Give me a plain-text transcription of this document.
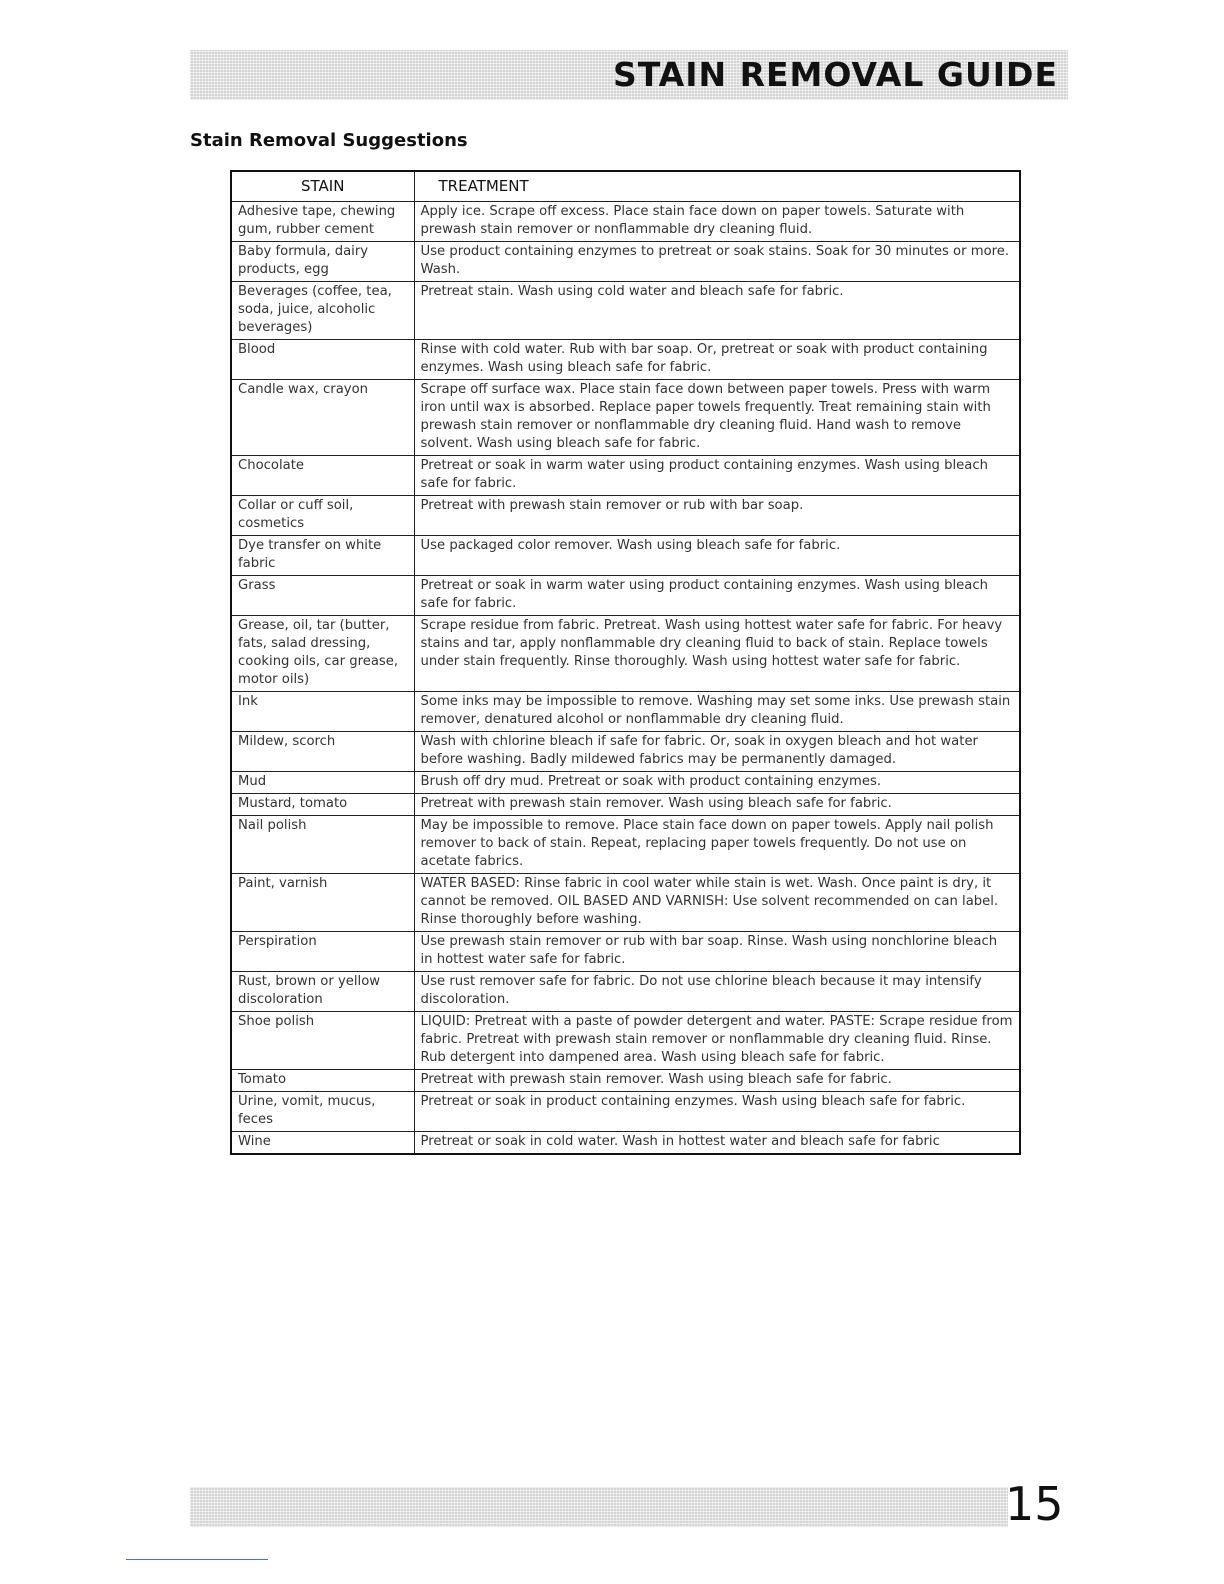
STAIN REMOVAL GUIDE
Stain Removal Suggestions
STAIN	TREATMENT
Adhesive tape, chewing gum, rubber cement	Apply ice. Scrape off excess. Place stain face down on paper towels. Saturate with prewash stain remover or nonflammable dry cleaning fluid.
Baby formula, dairy products, egg	Use product containing enzymes to pretreat or soak stains. Soak for 30 minutes or more. Wash.
Beverages (coffee, tea, soda, juice, alcoholic beverages)	Pretreat stain. Wash using cold water and bleach safe for fabric.
Blood	Rinse with cold water. Rub with bar soap. Or, pretreat or soak with product containing enzymes. Wash using bleach safe for fabric.
Candle wax, crayon	Scrape off surface wax. Place stain face down between paper towels. Press with warm iron until wax is absorbed. Replace paper towels frequently. Treat remaining stain with prewash stain remover or nonflammable dry cleaning fluid. Hand wash to remove solvent. Wash using bleach safe for fabric.
Chocolate	Pretreat or soak in warm water using product containing enzymes. Wash using bleach safe for fabric.
Collar or cuff soil, cosmetics	Pretreat with prewash stain remover or rub with bar soap.
Dye transfer on white fabric	Use packaged color remover. Wash using bleach safe for fabric.
Grass	Pretreat or soak in warm water using product containing enzymes. Wash using bleach safe for fabric.
Grease, oil, tar (butter, fats, salad dressing, cooking oils, car grease, motor oils)	Scrape residue from fabric. Pretreat. Wash using hottest water safe for fabric. For heavy stains and tar, apply nonflammable dry cleaning fluid to back of stain. Replace towels under stain frequently. Rinse thoroughly. Wash using hottest water safe for fabric.
Ink	Some inks may be impossible to remove. Washing may set some inks. Use prewash stain remover, denatured alcohol or nonflammable dry cleaning fluid.
Mildew, scorch	Wash with chlorine bleach if safe for fabric. Or, soak in oxygen bleach and hot water before washing. Badly mildewed fabrics may be permanently damaged.
Mud	Brush off dry mud. Pretreat or soak with product containing enzymes.
Mustard, tomato	Pretreat with prewash stain remover. Wash using bleach safe for fabric.
Nail polish	May be impossible to remove. Place stain face down on paper towels. Apply nail polish remover to back of stain. Repeat, replacing paper towels frequently. Do not use on acetate fabrics.
Paint, varnish	WATER BASED: Rinse fabric in cool water while stain is wet. Wash. Once paint is dry, it cannot be removed. OIL BASED AND VARNISH: Use solvent recommended on can label. Rinse thoroughly before washing.
Perspiration	Use prewash stain remover or rub with bar soap. Rinse. Wash using nonchlorine bleach in hottest water safe for fabric.
Rust, brown or yellow discoloration	Use rust remover safe for fabric. Do not use chlorine bleach because it may intensify discoloration.
Shoe polish	LIQUID: Pretreat with a paste of powder detergent and water. PASTE: Scrape residue from fabric. Pretreat with prewash stain remover or nonflammable dry cleaning fluid. Rinse. Rub detergent into dampened area. Wash using bleach safe for fabric.
Tomato	Pretreat with prewash stain remover. Wash using bleach safe for fabric.
Urine, vomit, mucus, feces	Pretreat or soak in product containing enzymes. Wash using bleach safe for fabric.
Wine	Pretreat or soak in cold water. Wash in hottest water and bleach safe for fabric
15
